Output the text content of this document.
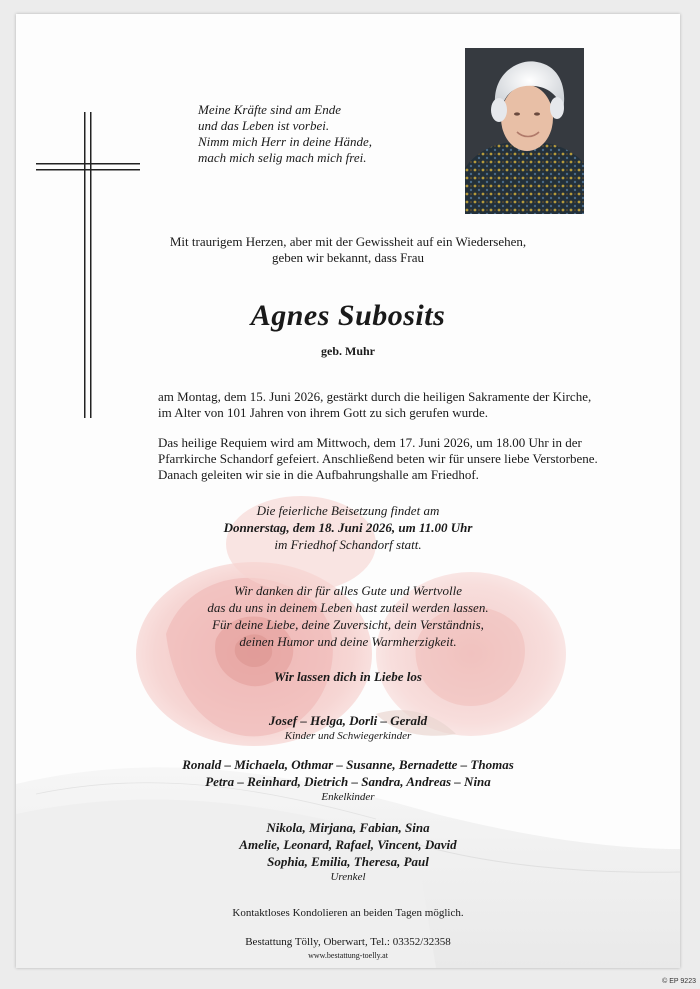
Meine Kräfte sind am Ende
und das Leben ist vorbei.
Nimm mich Herr in deine Hände,
mach mich selig mach mich frei.
Mit traurigem Herzen, aber mit der Gewissheit auf ein Wiedersehen,
geben wir bekannt, dass Frau
Agnes Subosits
geb. Muhr
am Montag, dem 15. Juni 2026, gestärkt durch die heiligen Sakramente der Kirche,
im Alter von 101 Jahren von ihrem Gott zu sich gerufen wurde.
Das heilige Requiem wird am Mittwoch, dem 17. Juni 2026, um 18.00 Uhr in der
Pfarrkirche Schandorf gefeiert. Anschließend beten wir für unsere liebe Verstorbene.
Danach geleiten wir sie in die Aufbahrungshalle am Friedhof.
Die feierliche Beisetzung findet am
Donnerstag, dem 18. Juni 2026, um 11.00 Uhr
im Friedhof Schandorf statt.
Wir danken dir für alles Gute und Wertvolle
das du uns in deinem Leben hast zuteil werden lassen.
Für deine Liebe, deine Zuversicht, dein Verständnis,
deinen Humor und deine Warmherzigkeit.
Wir lassen dich in Liebe los
Josef – Helga, Dorli – Gerald
Kinder und Schwiegerkinder
Ronald – Michaela, Othmar – Susanne, Bernadette – Thomas
Petra – Reinhard, Dietrich – Sandra, Andreas – Nina
Enkelkinder
Nikola, Mirjana, Fabian, Sina
Amelie, Leonard, Rafael, Vincent, David
Sophia, Emilia, Theresa, Paul
Urenkel
Kontaktloses Kondolieren an beiden Tagen möglich.
Bestattung Tölly, Oberwart, Tel.: 03352/32358
www.bestattung-toelly.at
© EP 9223
